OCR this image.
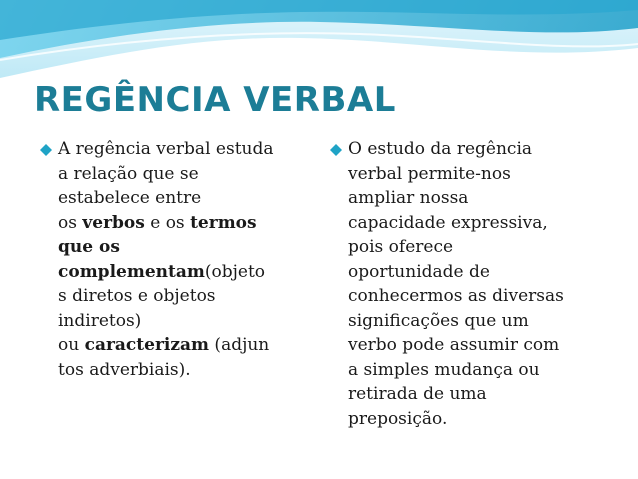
REGÊNCIA VERBAL
A regência verbal estuda
a relação que se
estabelece entre
os verbos e os termos
que os
complementam(objeto
s diretos e objetos
indiretos)
ou caracterizam (adjun
tos adverbiais).
O estudo da regência
verbal permite-nos
ampliar nossa
capacidade expressiva,
pois oferece
oportunidade de
conhecermos as diversas
significações que um
verbo pode assumir com
a simples mudança ou
retirada de uma
preposição.
